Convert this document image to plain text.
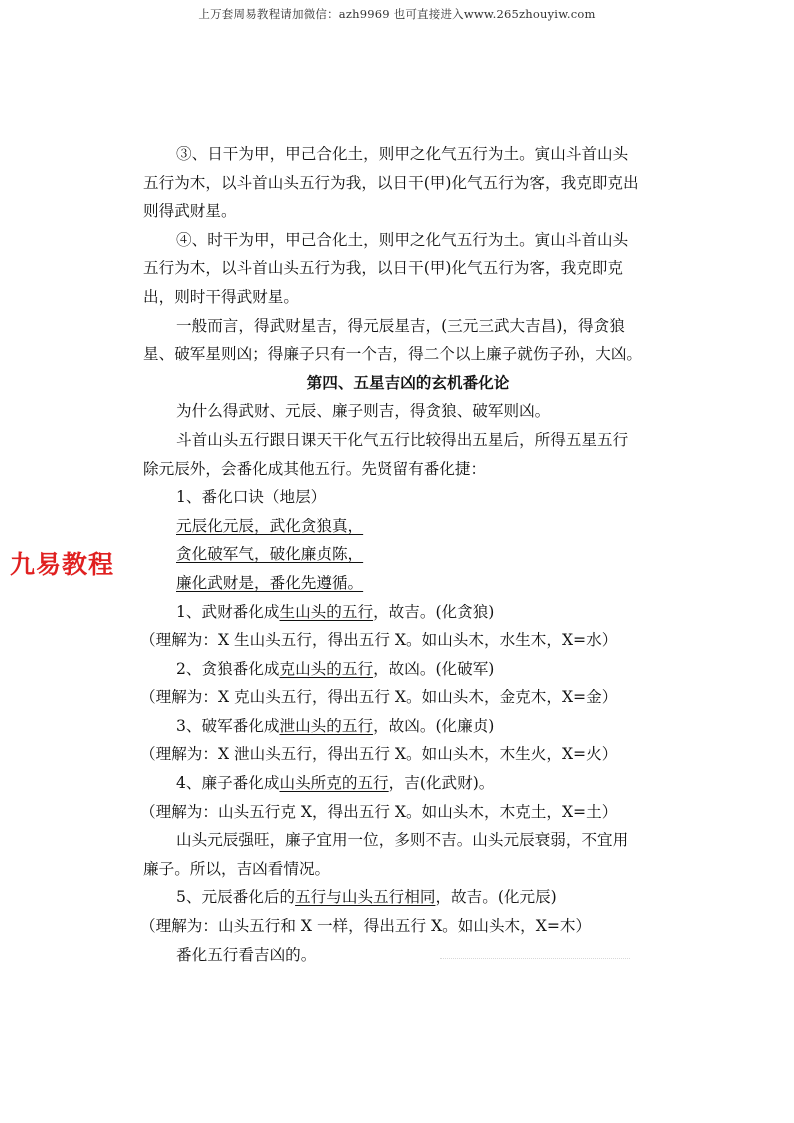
上万套周易教程请加微信：azh9969 也可直接进入www.265zhouyiw.com
九易教程

③、日干为甲，甲己合化土，则甲之化气五行为土。寅山斗首山头五行为木，以斗首山头五行为我，以日干(甲)化气五行为客，我克即克出则得武财星。

④、时干为甲，甲己合化土，则甲之化气五行为土。寅山斗首山头五行为木，以斗首山头五行为我，以日干(甲)化气五行为客，我克即克出，则时干得武财星。

一般而言，得武财星吉，得元辰星吉，(三元三武大吉昌)，得贪狼星、破军星则凶；得廉子只有一个吉，得二个以上廉子就伤子孙，大凶。

第四、五星吉凶的玄机番化论

为什么得武财、元辰、廉子则吉，得贪狼、破军则凶。

斗首山头五行跟日课天干化气五行比较得出五星后，所得五星五行除元辰外，会番化成其他五行。先贤留有番化捷：

1、番化口诀（地层）

元辰化元辰，武化贪狼真，

贪化破军气，破化廉贞陈，

廉化武财是，番化先遵循。

1、武财番化成生山头的五行，故吉。(化贪狼)

（理解为：X 生山头五行，得出五行 X。如山头木，水生木，X=水）

2、贪狼番化成克山头的五行，故凶。(化破军)

（理解为：X 克山头五行，得出五行 X。如山头木，金克木，X=金）

3、破军番化成泄山头的五行，故凶。(化廉贞)

（理解为：X 泄山头五行，得出五行 X。如山头木，木生火，X=火）

4、廉子番化成山头所克的五行，吉(化武财)。

（理解为：山头五行克 X，得出五行 X。如山头木，木克土，X=土）

山头元辰强旺，廉子宜用一位，多则不吉。山头元辰衰弱，不宜用廉子。所以，吉凶看情况。

5、元辰番化后的五行与山头五行相同，故吉。(化元辰)

（理解为：山头五行和 X 一样，得出五行 X。如山头木，X=木）

番化五行看吉凶的。
